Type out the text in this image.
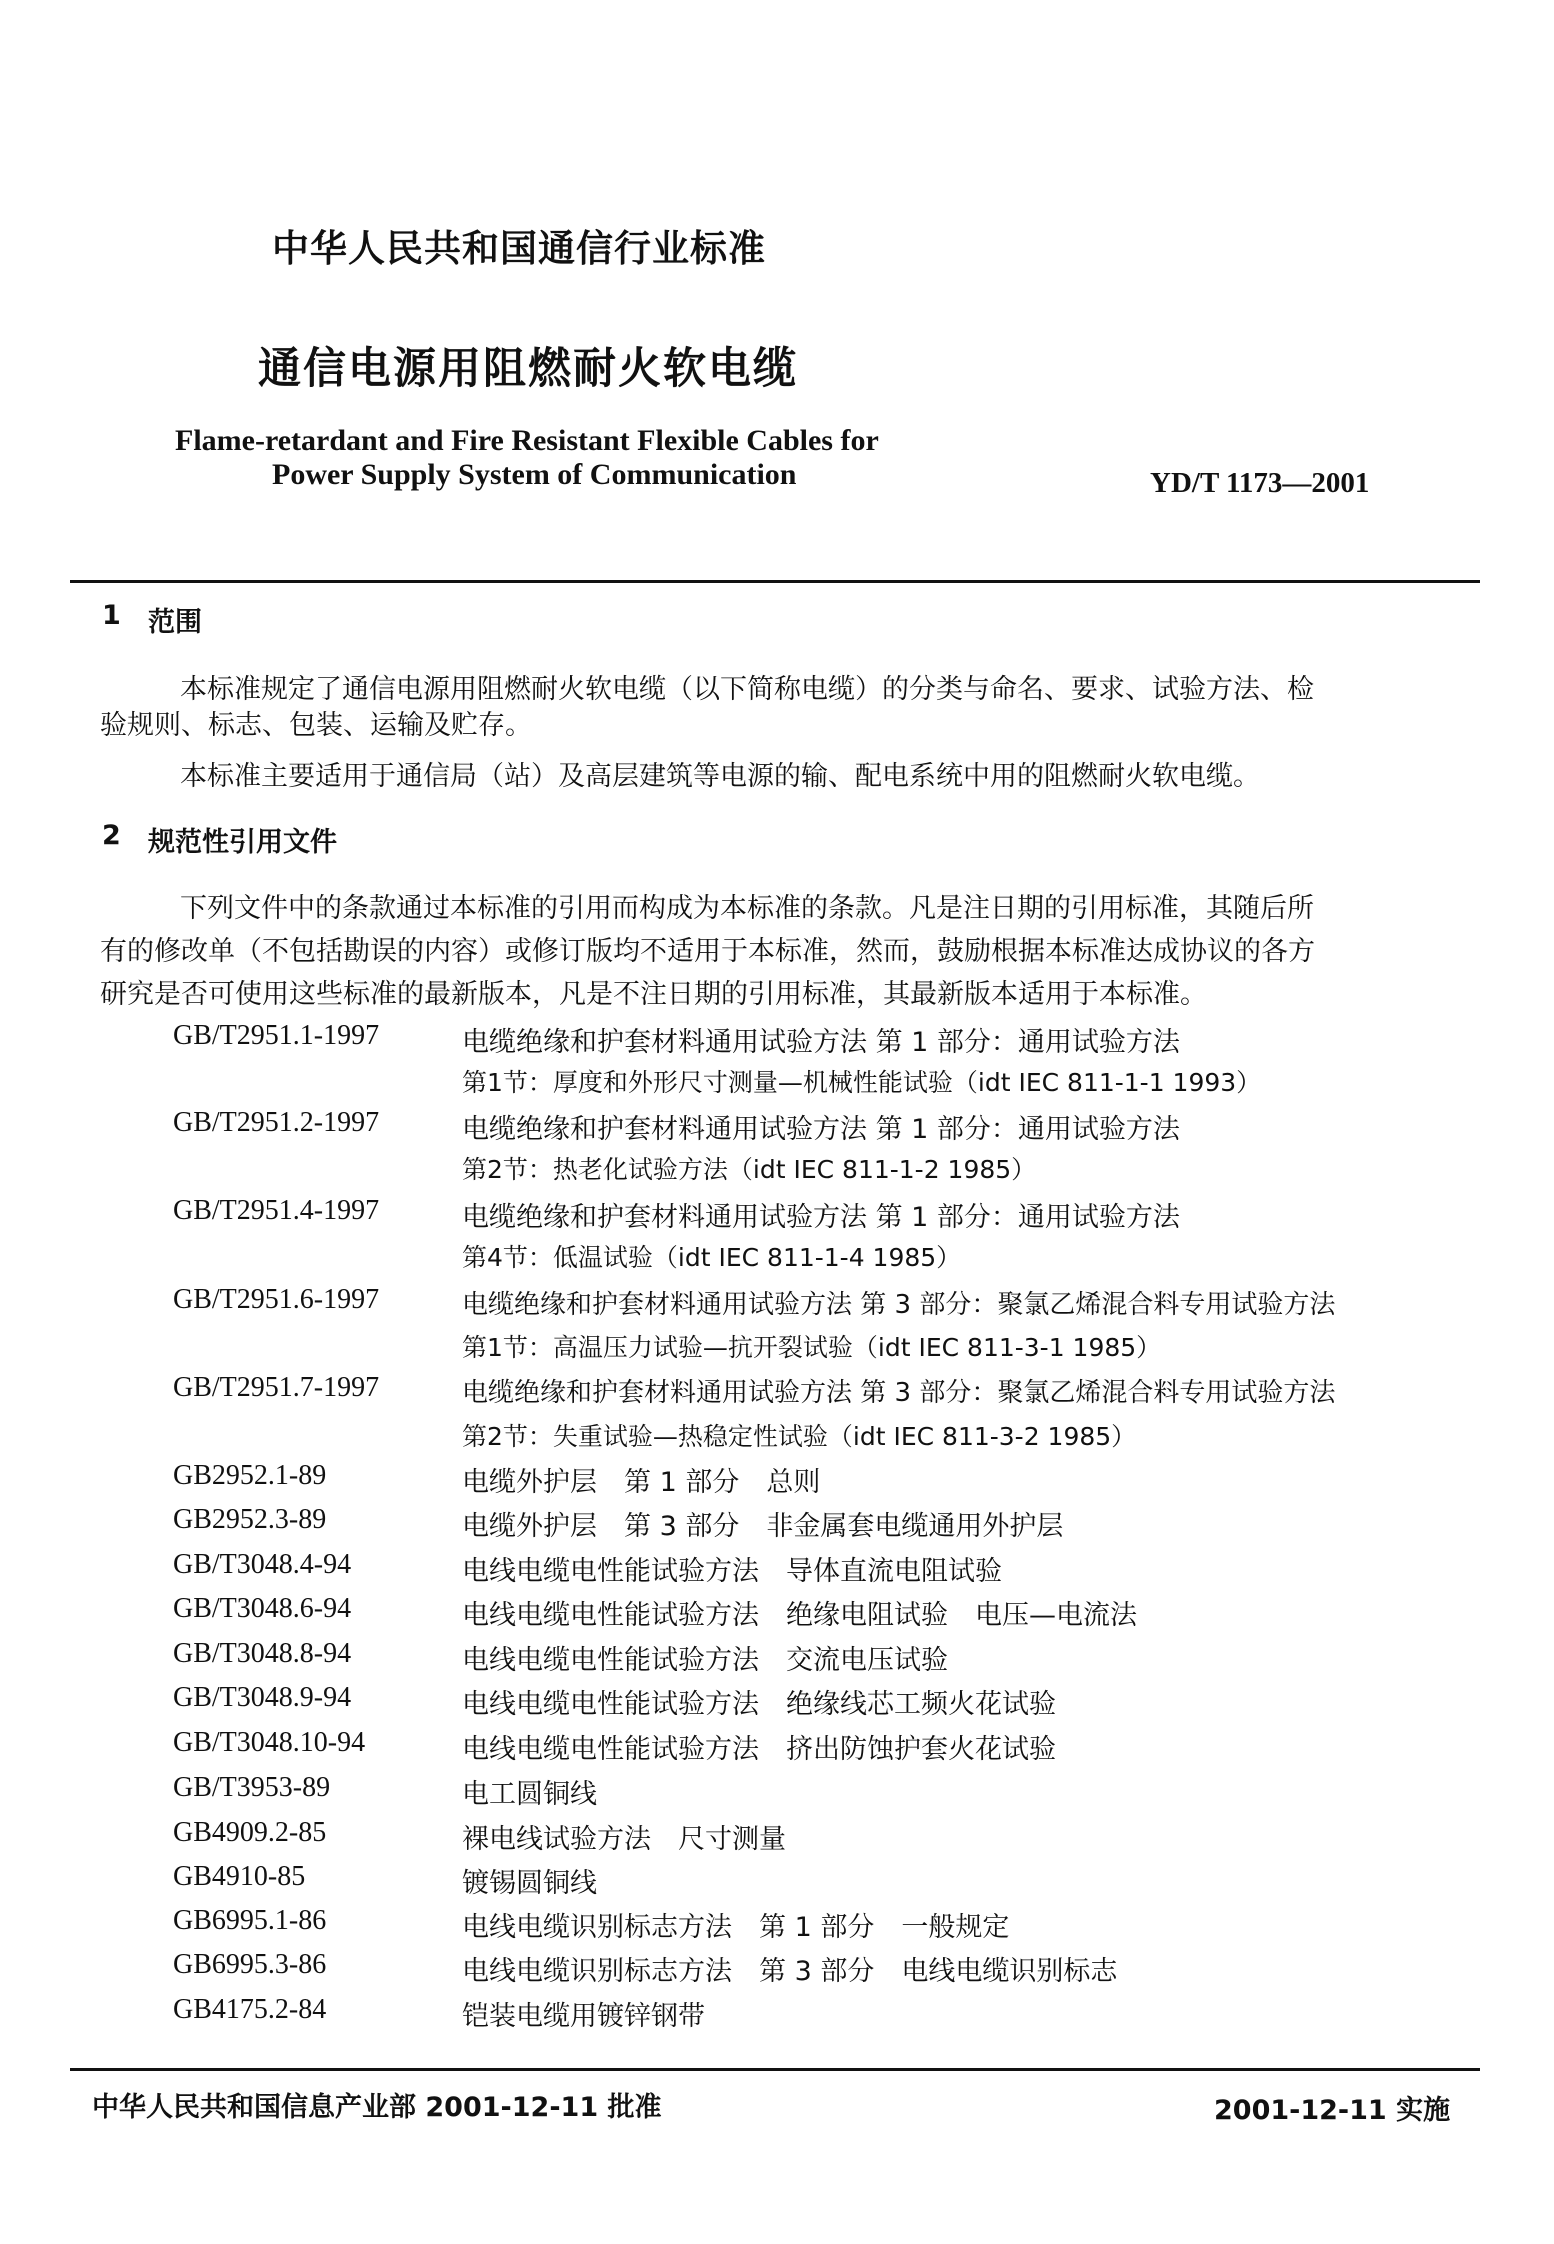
中华人民共和国通信行业标准
通信电源用阻燃耐火软电缆
Flame-retardant and Fire Resistant Flexible Cables for
Power Supply System of Communication	YD/T 1173—2001
1 范围
本标准规定了通信电源用阻燃耐火软电缆（以下简称电缆）的分类与命名、要求、试验方法、检
验规则、标志、包装、运输及贮存。
本标准主要适用于通信局（站）及高层建筑等电源的输、配电系统中用的阻燃耐火软电缆。
2 规范性引用文件
下列文件中的条款通过本标准的引用而构成为本标准的条款。凡是注日期的引用标准，其随后所
有的修改单（不包括勘误的内容）或修订版均不适用于本标准，然而，鼓励根据本标准达成协议的各方
研究是否可使用这些标准的最新版本，凡是不注日期的引用标准，其最新版本适用于本标准。
GB/T2951.1-1997	电缆绝缘和护套材料通用试验方法 第 1 部分：通用试验方法
第1节：厚度和外形尺寸测量—机械性能试验（idt IEC 811-1-1 1993）
GB/T2951.2-1997	电缆绝缘和护套材料通用试验方法 第 1 部分：通用试验方法
第2节：热老化试验方法（idt IEC 811-1-2 1985）
GB/T2951.4-1997	电缆绝缘和护套材料通用试验方法 第 1 部分：通用试验方法
第4节：低温试验（idt IEC 811-1-4 1985）
GB/T2951.6-1997	电缆绝缘和护套材料通用试验方法 第 3 部分：聚氯乙烯混合料专用试验方法
第1节：高温压力试验—抗开裂试验（idt IEC 811-3-1 1985）
GB/T2951.7-1997	电缆绝缘和护套材料通用试验方法 第 3 部分：聚氯乙烯混合料专用试验方法
第2节：失重试验—热稳定性试验（idt IEC 811-3-2 1985）
GB2952.1-89	电缆外护层　第 1 部分　总则
GB2952.3-89	电缆外护层　第 3 部分　非金属套电缆通用外护层
GB/T3048.4-94	电线电缆电性能试验方法　导体直流电阻试验
GB/T3048.6-94	电线电缆电性能试验方法　绝缘电阻试验　电压—电流法
GB/T3048.8-94	电线电缆电性能试验方法　交流电压试验
GB/T3048.9-94	电线电缆电性能试验方法　绝缘线芯工频火花试验
GB/T3048.10-94	电线电缆电性能试验方法　挤出防蚀护套火花试验
GB/T3953-89	电工圆铜线
GB4909.2-85	裸电线试验方法　尺寸测量
GB4910-85	镀锡圆铜线
GB6995.1-86	电线电缆识别标志方法　第 1 部分　一般规定
GB6995.3-86	电线电缆识别标志方法　第 3 部分　电线电缆识别标志
GB4175.2-84	铠装电缆用镀锌钢带
中华人民共和国信息产业部 2001-12-11 批准	2001-12-11 实施
